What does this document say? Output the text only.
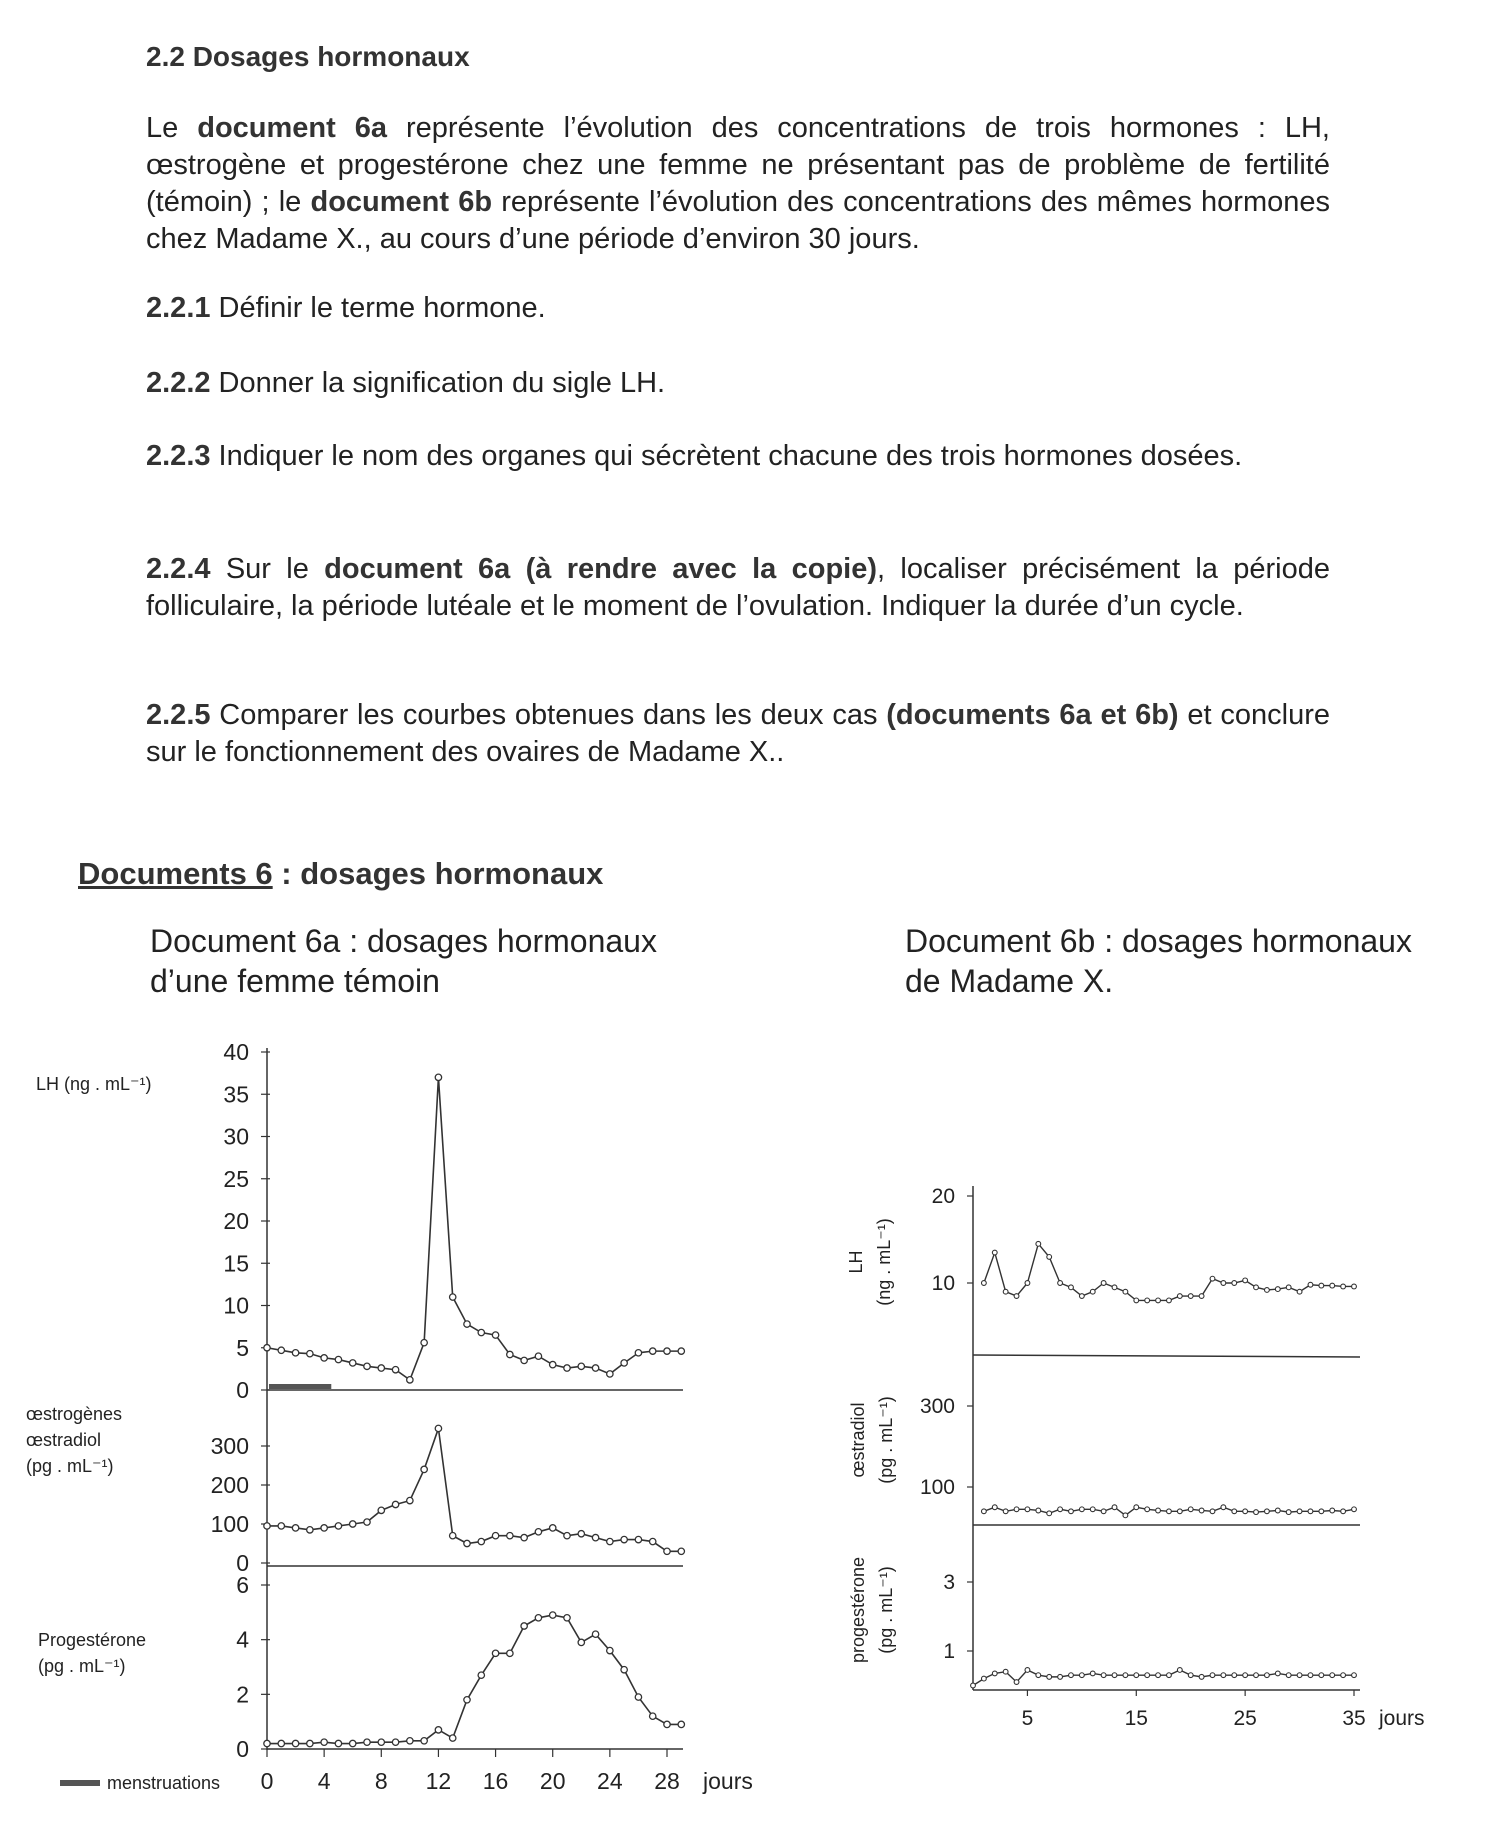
2.2 Dosages hormonaux
Le document 6a représente l’évolution des concentrations de trois hormones : LH, œstrogène et progestérone chez une femme ne présentant pas de problème de fertilité (témoin) ; le document 6b représente l’évolution des concentrations des mêmes hormones chez Madame X., au cours d’une période d’environ 30 jours.
2.2.1 Définir le terme hormone.
2.2.2 Donner la signification du sigle LH.
2.2.3 Indiquer le nom des organes qui sécrètent chacune des trois hormones dosées.
2.2.4 Sur le document 6a (à rendre avec la copie), localiser précisément la période folliculaire, la période lutéale et le moment de l’ovulation. Indiquer la durée d’un cycle.
2.2.5 Comparer les courbes obtenues dans les deux cas (documents 6a et 6b) et conclure sur le fonctionnement des ovaires de Madame X..
Documents 6 : dosages hormonaux
Document 6a : dosages hormonaux
d’une femme témoin
Document 6b : dosages hormonaux
de Madame X.
0
5
10
15
20
25
30
35
40
LH (ng . mL⁻¹)
0
100
200
300
œstrogènes
œstradiol
(pg . mL⁻¹)
0
2
4
6
Progestérone
(pg . mL⁻¹)
0 4 8 12 16 20 24 28 jours
menstruations
10
20
LH (ng . mL⁻¹)
100
300
œstradiol (pg . mL⁻¹)
1
3
progestérone (pg . mL⁻¹)
5	15	25	35 jours
